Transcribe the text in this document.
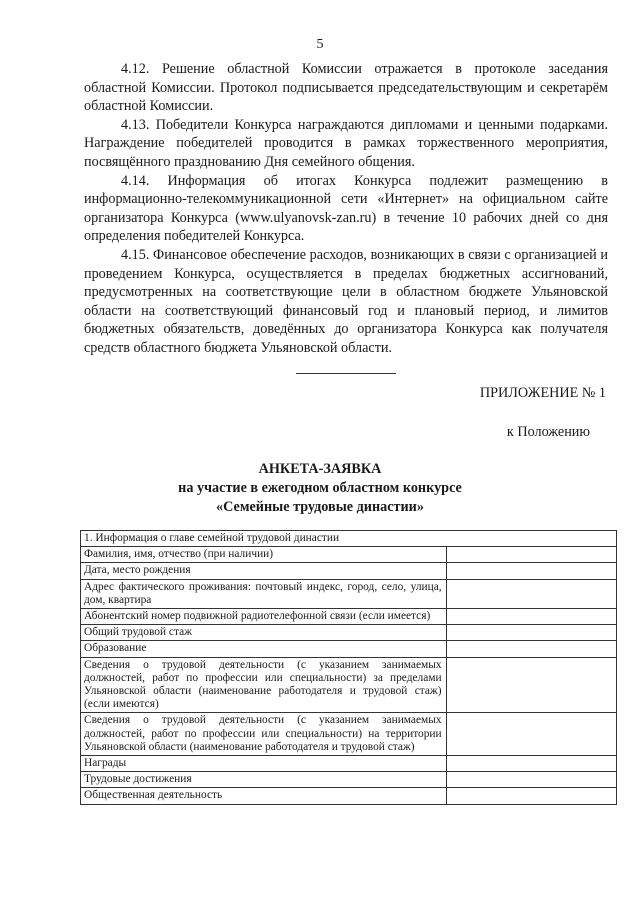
5

4.12. Решение областной Комиссии отражается в протоколе заседания областной Комиссии. Протокол подписывается председательствующим и секретарём областной Комиссии.

4.13. Победители Конкурса награждаются дипломами и ценными подарками. Награждение победителей проводится в рамках торжественного мероприятия, посвящённого празднованию Дня семейного общения.

4.14. Информация об итогах Конкурса подлежит размещению в информационно-телекоммуникационной сети «Интернет» на официальном сайте организатора Конкурса (www.ulyanovsk-zan.ru) в течение 10 рабочих дней со дня определения победителей Конкурса.

4.15. Финансовое обеспечение расходов, возникающих в связи с организацией и проведением Конкурса, осуществляется в пределах бюджетных ассигнований, предусмотренных на соответствующие цели в областном бюджете Ульяновской области на соответствующий финансовый год и плановый период, и лимитов бюджетных обязательств, доведённых до организатора Конкурса как получателя средств областного бюджета Ульяновской области.

ПРИЛОЖЕНИЕ № 1
к Положению
АНКЕТА-ЗАЯВКА
на участие в ежегодном областном конкурсе
«Семейные трудовые династии»
1. Информация о главе семейной трудовой династии	
Фамилия, имя, отчество (при наличии)	
Дата, место рождения	
Адрес фактического проживания: почтовый индекс, город, село, улица, дом, квартира	
Абонентский номер подвижной радиотелефонной связи (если имеется)	
Общий трудовой стаж	
Образование	
Сведения о трудовой деятельности (с указанием занимаемых должностей, работ по профессии или специальности) за пределами Ульяновской области (наименование работодателя и трудовой стаж) (если имеются)	
Сведения о трудовой деятельности (с указанием занимаемых должностей, работ по профессии или специальности) на территории Ульяновской области (наименование работодателя и трудовой стаж)	
Награды	
Трудовые достижения	
Общественная деятельность	
